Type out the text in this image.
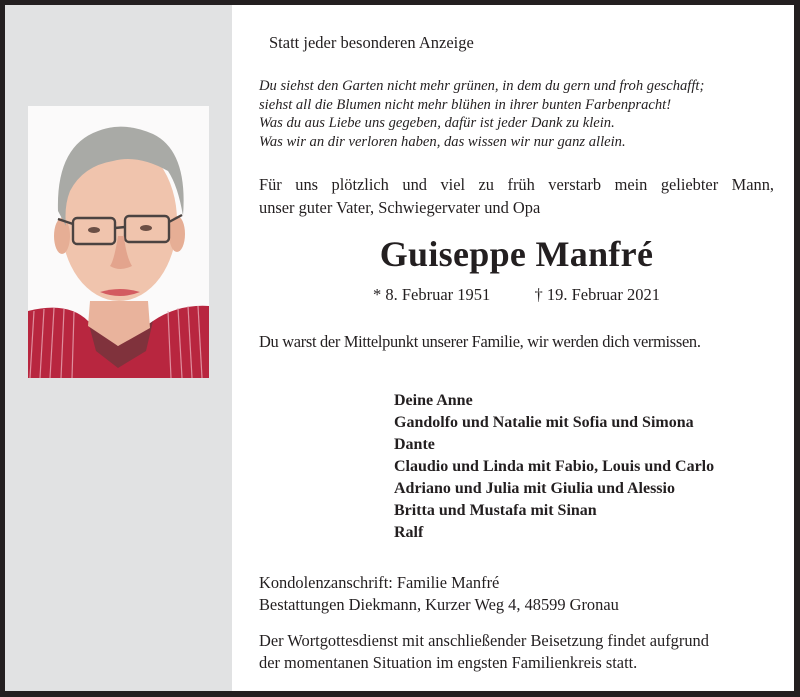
Statt jeder besonderen Anzeige
Du siehst den Garten nicht mehr grünen, in dem du gern und froh geschafft;
siehst all die Blumen nicht mehr blühen in ihrer bunten Farbenpracht!
Was du aus Liebe uns gegeben, dafür ist jeder Dank zu klein.
Was wir an dir verloren haben, das wissen wir nur ganz allein.
Für uns plötzlich und viel zu früh verstarb mein geliebter Mann,
unser guter Vater, Schwiegervater und Opa
Guiseppe Manfré
* 8. Februar 1951	† 19. Februar 2021
Du warst der Mittelpunkt unserer Familie, wir werden dich vermissen.
Deine Anne
Gandolfo und Natalie mit Sofia und Simona
Dante
Claudio und Linda mit Fabio, Louis und Carlo
Adriano und Julia mit Giulia und Alessio
Britta und Mustafa mit Sinan
Ralf
Kondolenzanschrift: Familie Manfré
Bestattungen Diekmann, Kurzer Weg 4, 48599 Gronau
Der Wortgottesdienst mit anschließender Beisetzung findet aufgrund
der momentanen Situation im engsten Familienkreis statt.
